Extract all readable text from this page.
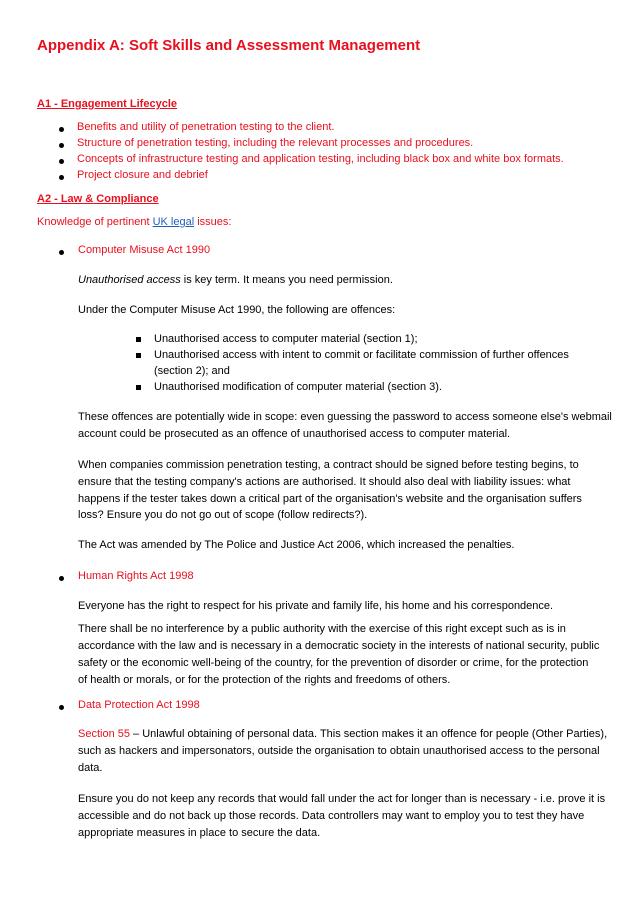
Appendix A: Soft Skills and Assessment Management
A1 - Engagement Lifecycle
Benefits and utility of penetration testing to the client.
Structure of penetration testing, including the relevant processes and procedures.
Concepts of infrastructure testing and application testing, including black box and white box formats.
Project closure and debrief
A2 - Law & Compliance
Knowledge of pertinent UK legal issues:
Computer Misuse Act 1990
Unauthorised access is key term. It means you need permission.
Under the Computer Misuse Act 1990, the following are offences:
Unauthorised access to computer material (section 1);
Unauthorised access with intent to commit or facilitate commission of further offences
(section 2); and
Unauthorised modification of computer material (section 3).
These offences are potentially wide in scope: even guessing the password to access someone else's webmail
account could be prosecuted as an offence of unauthorised access to computer material.
When companies commission penetration testing, a contract should be signed before testing begins, to
ensure that the testing company's actions are authorised. It should also deal with liability issues: what
happens if the tester takes down a critical part of the organisation's website and the organisation suffers
loss? Ensure you do not go out of scope (follow redirects?).
The Act was amended by The Police and Justice Act 2006, which increased the penalties.
Human Rights Act 1998
Everyone has the right to respect for his private and family life, his home and his correspondence.
There shall be no interference by a public authority with the exercise of this right except such as is in
accordance with the law and is necessary in a democratic society in the interests of national security, public
safety or the economic well-being of the country, for the prevention of disorder or crime, for the protection
of health or morals, or for the protection of the rights and freedoms of others.
Data Protection Act 1998
Section 55 – Unlawful obtaining of personal data. This section makes it an offence for people (Other Parties),
such as hackers and impersonators, outside the organisation to obtain unauthorised access to the personal
data.
Ensure you do not keep any records that would fall under the act for longer than is necessary - i.e. prove it is
accessible and do not back up those records. Data controllers may want to employ you to test they have
appropriate measures in place to secure the data.
